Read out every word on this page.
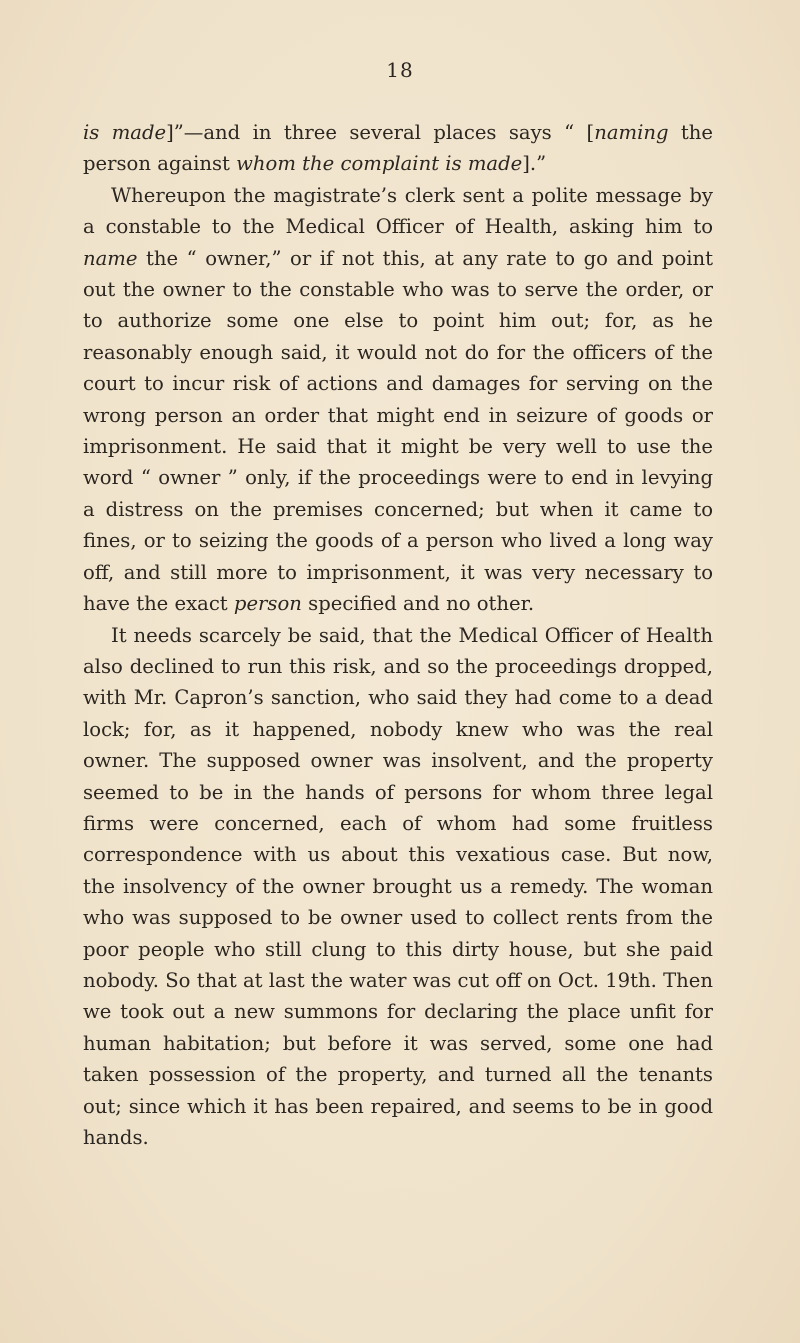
18

is made]”—and in three several places says “ [naming the person against whom the complaint is made].”

Whereupon the magistrate’s clerk sent a polite message by a constable to the Medical Officer of Health, asking him to name the “ owner,” or if not this, at any rate to go and point out the owner to the constable who was to serve the order, or to authorize some one else to point him out; for, as he reasonably enough said, it would not do for the officers of the court to incur risk of actions and damages for serving on the wrong person an order that might end in seizure of goods or imprisonment. He said that it might be very well to use the word “ owner ” only, if the proceedings were to end in levying a distress on the premises concerned; but when it came to fines, or to seizing the goods of a person who lived a long way off, and still more to imprisonment, it was very necessary to have the exact person specified and no other.

It needs scarcely be said, that the Medical Officer of Health also declined to run this risk, and so the proceedings dropped, with Mr. Capron’s sanction, who said they had come to a dead lock; for, as it happened, nobody knew who was the real owner. The supposed owner was insolvent, and the property seemed to be in the hands of persons for whom three legal firms were concerned, each of whom had some fruitless correspondence with us about this vexatious case. But now, the insolvency of the owner brought us a remedy. The woman who was supposed to be owner used to collect rents from the poor people who still clung to this dirty house, but she paid nobody. So that at last the water was cut off on Oct. 19th. Then we took out a new summons for declaring the place unfit for human habitation; but before it was served, some one had taken possession of the property, and turned all the tenants out; since which it has been repaired, and seems to be in good hands.
